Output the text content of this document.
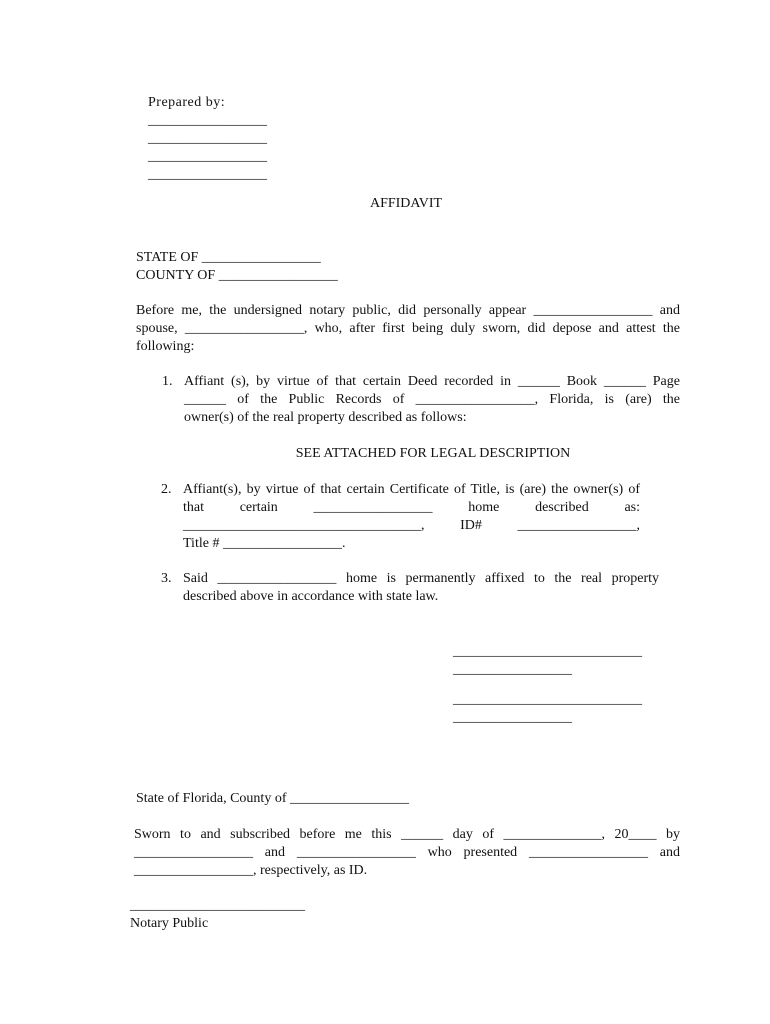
Prepared by:
_________________
_________________
_________________
_________________
AFFIDAVIT
STATE OF _________________
COUNTY OF _________________
Before me, the undersigned notary public, did personally appear _________________ and
spouse, _________________, who, after first being duly sworn, did depose and attest the
following:
1. Affiant (s), by virtue of that certain Deed recorded in ______ Book ______ Page
______ of the Public Records of _________________, Florida, is (are) the
owner(s) of the real property described as follows:
SEE ATTACHED FOR LEGAL DESCRIPTION
2. Affiant(s), by virtue of that certain Certificate of Title, is (are) the owner(s) of
that certain _________________ home described as:
__________________________________, ID# _________________,
Title # _________________.
3. Said _________________ home is permanently affixed to the real property
described above in accordance with state law.
___________________________
_________________
___________________________
_________________
State of Florida, County of _________________
Sworn to and subscribed before me this ______ day of ______________, 20____ by
_________________ and _________________ who presented _________________ and
_________________, respectively, as ID.
_________________________
Notary Public
